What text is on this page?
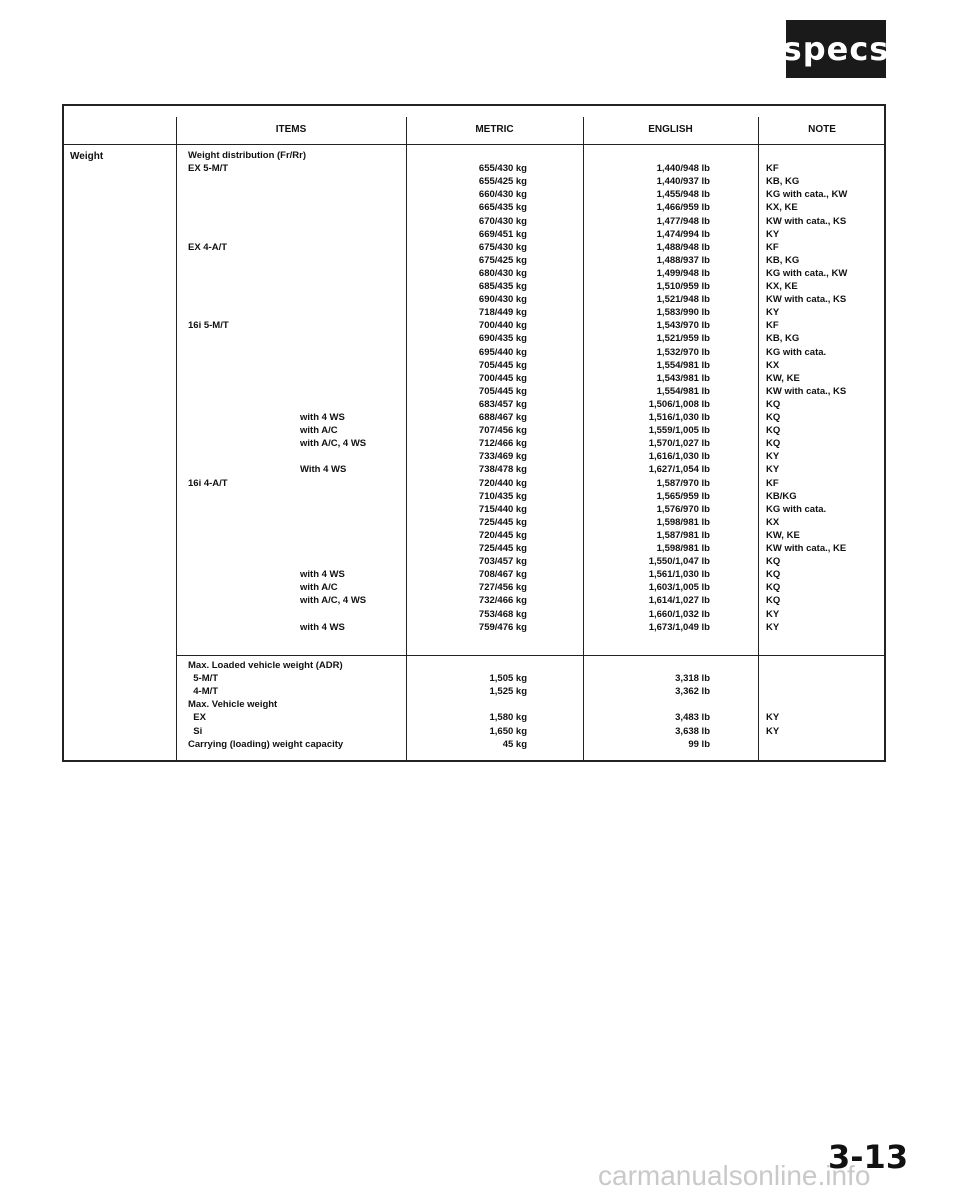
specs
ITEMS	METRIC	ENGLISH	NOTE
Weight	Weight distribution (Fr/Rr)
EX 5-M/T	655/430 kg	1,440/948 lb	KF
655/425 kg	1,440/937 lb	KB, KG
660/430 kg	1,455/948 lb	KG with cata., KW
665/435 kg	1,466/959 lb	KX, KE
670/430 kg	1,477/948 lb	KW with cata., KS
669/451 kg	1,474/994 lb	KY
EX 4-A/T	675/430 kg	1,488/948 lb	KF
675/425 kg	1,488/937 lb	KB, KG
680/430 kg	1,499/948 lb	KG with cata., KW
685/435 kg	1,510/959 lb	KX, KE
690/430 kg	1,521/948 lb	KW with cata., KS
718/449 kg	1,583/990 lb	KY
16i 5-M/T	700/440 kg	1,543/970 lb	KF
690/435 kg	1,521/959 lb	KB, KG
695/440 kg	1,532/970 lb	KG with cata.
705/445 kg	1,554/981 lb	KX
700/445 kg	1,543/981 lb	KW, KE
705/445 kg	1,554/981 lb	KW with cata., KS
683/457 kg	1,506/1,008 lb	KQ
with 4 WS	688/467 kg	1,516/1,030 lb	KQ
with A/C	707/456 kg	1,559/1,005 lb	KQ
with A/C, 4 WS	712/466 kg	1,570/1,027 lb	KQ
733/469 kg	1,616/1,030 lb	KY
With 4 WS	738/478 kg	1,627/1,054 lb	KY
16i 4-A/T	720/440 kg	1,587/970 lb	KF
710/435 kg	1,565/959 lb	KB/KG
715/440 kg	1,576/970 lb	KG with cata.
725/445 kg	1,598/981 lb	KX
720/445 kg	1,587/981 lb	KW, KE
725/445 kg	1,598/981 lb	KW with cata., KE
703/457 kg	1,550/1,047 lb	KQ
with 4 WS	708/467 kg	1,561/1,030 lb	KQ
with A/C	727/456 kg	1,603/1,005 lb	KQ
with A/C, 4 WS	732/466 kg	1,614/1,027 lb	KQ
753/468 kg	1,660/1,032 lb	KY
with 4 WS	759/476 kg	1,673/1,049 lb	KY
Max. Loaded vehicle weight (ADR)
5-M/T	1,505 kg	3,318 lb
4-M/T	1,525 kg	3,362 lb
Max. Vehicle weight
EX	1,580 kg	3,483 lb	KY
Si	1,650 kg	3,638 lb	KY
Carrying (loading) weight capacity	45 kg	99 lb
3-13
carmanualsonline.info
